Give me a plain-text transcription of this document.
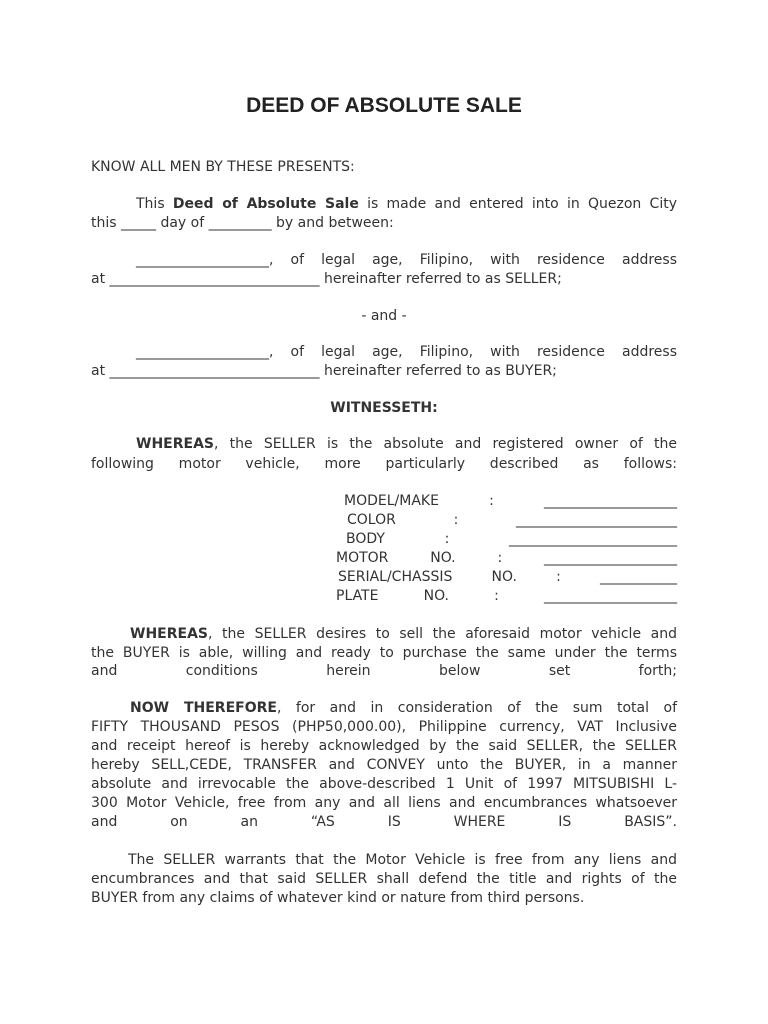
DEED OF ABSOLUTE SALE
KNOW ALL MEN BY THESE PRESENTS:
This Deed of Absolute Sale is made and entered into in Quezon City
this _____ day of _________ by and between:
___________________, of legal age, Filipino, with residence address
at ______________________________ hereinafter referred to as SELLER;
- and -
___________________, of legal age, Filipino, with residence address
at ______________________________ hereinafter referred to as BUYER;
WITNESSETH:
WHEREAS, the SELLER is the absolute and registered owner of the
following motor vehicle, more particularly described as follows:
MODEL/MAKE	:	___________________
COLOR	:	_______________________
BODY	:	________________________
MOTOR NO.	:	___________________
SERIAL/CHASSIS NO.	:	___________
PLATE NO.	:	___________________
WHEREAS, the SELLER desires to sell the aforesaid motor vehicle and
the BUYER is able, willing and ready to purchase the same under the terms
and conditions herein below set forth;
NOW THEREFORE, for and in consideration of the sum total of
FIFTY THOUSAND PESOS (PHP50,000.00), Philippine currency, VAT Inclusive
and receipt hereof is hereby acknowledged by the said SELLER, the SELLER
hereby SELL,CEDE, TRANSFER and CONVEY unto the BUYER, in a manner
absolute and irrevocable the above-described 1 Unit of 1997 MITSUBISHI L-
300 Motor Vehicle, free from any and all liens and encumbrances whatsoever
and on an “AS IS WHERE IS BASIS”.
The SELLER warrants that the Motor Vehicle is free from any liens and
encumbrances and that said SELLER shall defend the title and rights of the
BUYER from any claims of whatever kind or nature from third persons.
